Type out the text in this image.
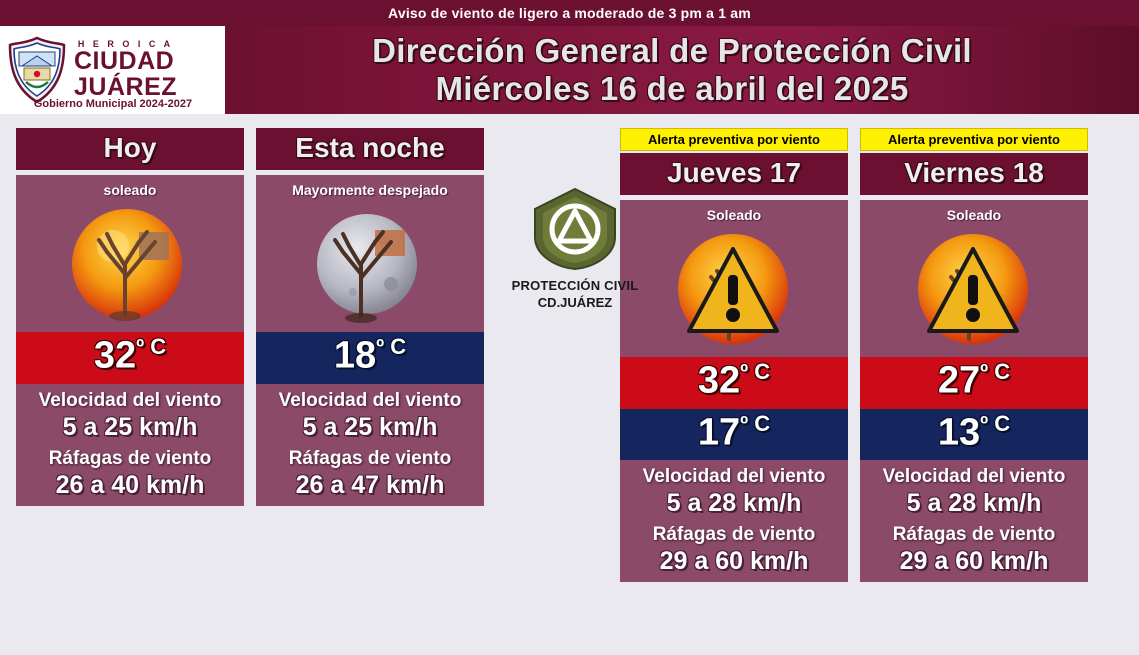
Aviso de viento de ligero a moderado de 3 pm a 1 am
H E R O I C A
CIUDAD
JUÁREZ
Gobierno Municipal 2024-2027
Dirección General de Protección Civil
Miércoles 16 de abril del 2025
Hoy
soleado
$32^{º C}$
Velocidad del viento
5 a 25 km/h
Ráfagas de viento
26 a 40 km/h
Esta noche
Mayormente despejado
$18^{º C}$
Velocidad del viento
5 a 25 km/h
Ráfagas de viento
26 a 47 km/h
Alerta preventiva por viento
Jueves 17
Soleado
$32^{º C}$
$17^{º C}$
Velocidad del viento
5 a 28 km/h
Ráfagas de viento
29 a 60 km/h
Alerta preventiva por viento
Viernes 18
Soleado
$27^{º C}$
$13^{º C}$
Velocidad del viento
5 a 28 km/h
Ráfagas de viento
29 a 60 km/h
PROTECCIÓN CIVIL
CD.JUÁREZ
